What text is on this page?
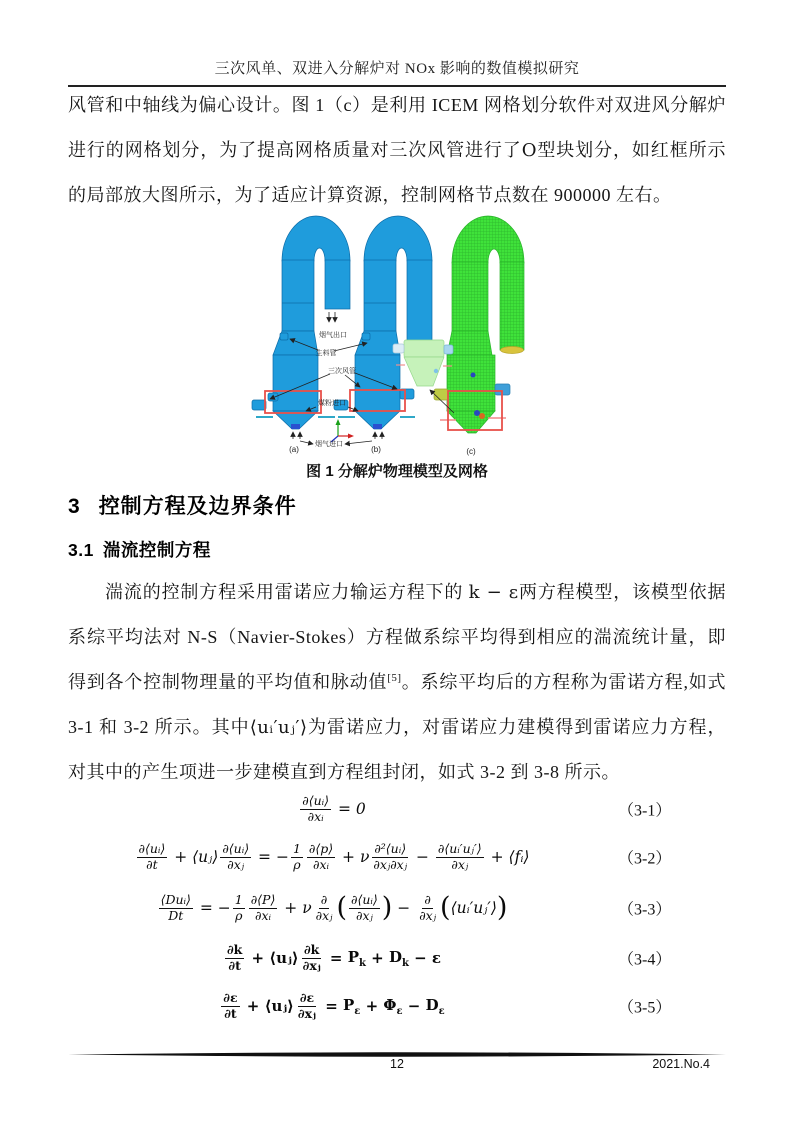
三次风单、双进入分解炉对 NOx 影响的数值模拟研究

风管和中轴线为偏心设计。图 1（c）是利用 ICEM 网格划分软件对双进风分解炉进行的网格划分，为了提高网格质量对三次风管进行了O型块划分，如红框所示的局部放大图所示，为了适应计算资源，控制网格节点数在 900000 左右。

烟气出口
生料管
三次风管
煤粉进口
烟气进口
(a)	(b)	(c)
图 1 分解炉物理模型及网格
3 控制方程及边界条件
3.1 湍流控制方程

湍流的控制方程采用雷诺应力输运方程下的 k − ε两方程模型，该模型依据系综平均法对 N-S（Navier-Stokes）方程做系综平均得到相应的湍流统计量，即得到各个控制物理量的平均值和脉动值[5]。系综平均后的方程称为雷诺方程,如式 3-1 和 3-2 所示。其中⟨uᵢ′uⱼ′⟩为雷诺应力，对雷诺应力建模得到雷诺应力方程，对其中的产生项进一步建模直到方程组封闭，如式 3-2 到 3-8 所示。

$\frac{\text{∂⟨uᵢ⟩}}{\text{∂xᵢ}} = 0$	（3-1）
$\frac{\text{∂⟨uᵢ⟩}}{\partial t}$ + ⟨uⱼ⟩ $\frac{\text{∂⟨uᵢ⟩}}{\text{∂xⱼ}}$ = − $\frac{1}{\rho} \frac{\partial⟨p⟩}{\text{∂xᵢ}} + \nu \frac{\text{∂²⟨uᵢ⟩}}{\text{∂xⱼ∂xⱼ}} - \frac{\text{∂⟨uᵢ′uⱼ′⟩}}{\text{∂xⱼ}}$ + ⟨fᵢ⟩	（3-2）
$\frac{\text{⟨Duᵢ⟩}}{Dt}$ = − $\frac{1}{\rho} \frac{\partial⟨P⟩}{\text{∂xᵢ}} + \nu \frac{\partial}{\text{∂xⱼ}}$ ( $\frac{\text{∂⟨uᵢ⟩}}{\text{∂xⱼ}}$ ) − $\frac{\partial}{\text{∂xⱼ}}$ ( ⟨uᵢ′uⱼ′⟩ )	（3-3）
$\frac{\partial k}{\partial t}$ + ⟨uⱼ⟩ $\frac{\partial k}{\text{∂xⱼ}} = P_k + D_k - \varepsilon$	（3-4）
$\frac{\partial\varepsilon}{\partial t}$ + ⟨uⱼ⟩ $\frac{\partial\varepsilon}{\text{∂xⱼ}} = P_\varepsilon + \Phi_\varepsilon - D_\varepsilon$	（3-5）
12	2021.No.4
